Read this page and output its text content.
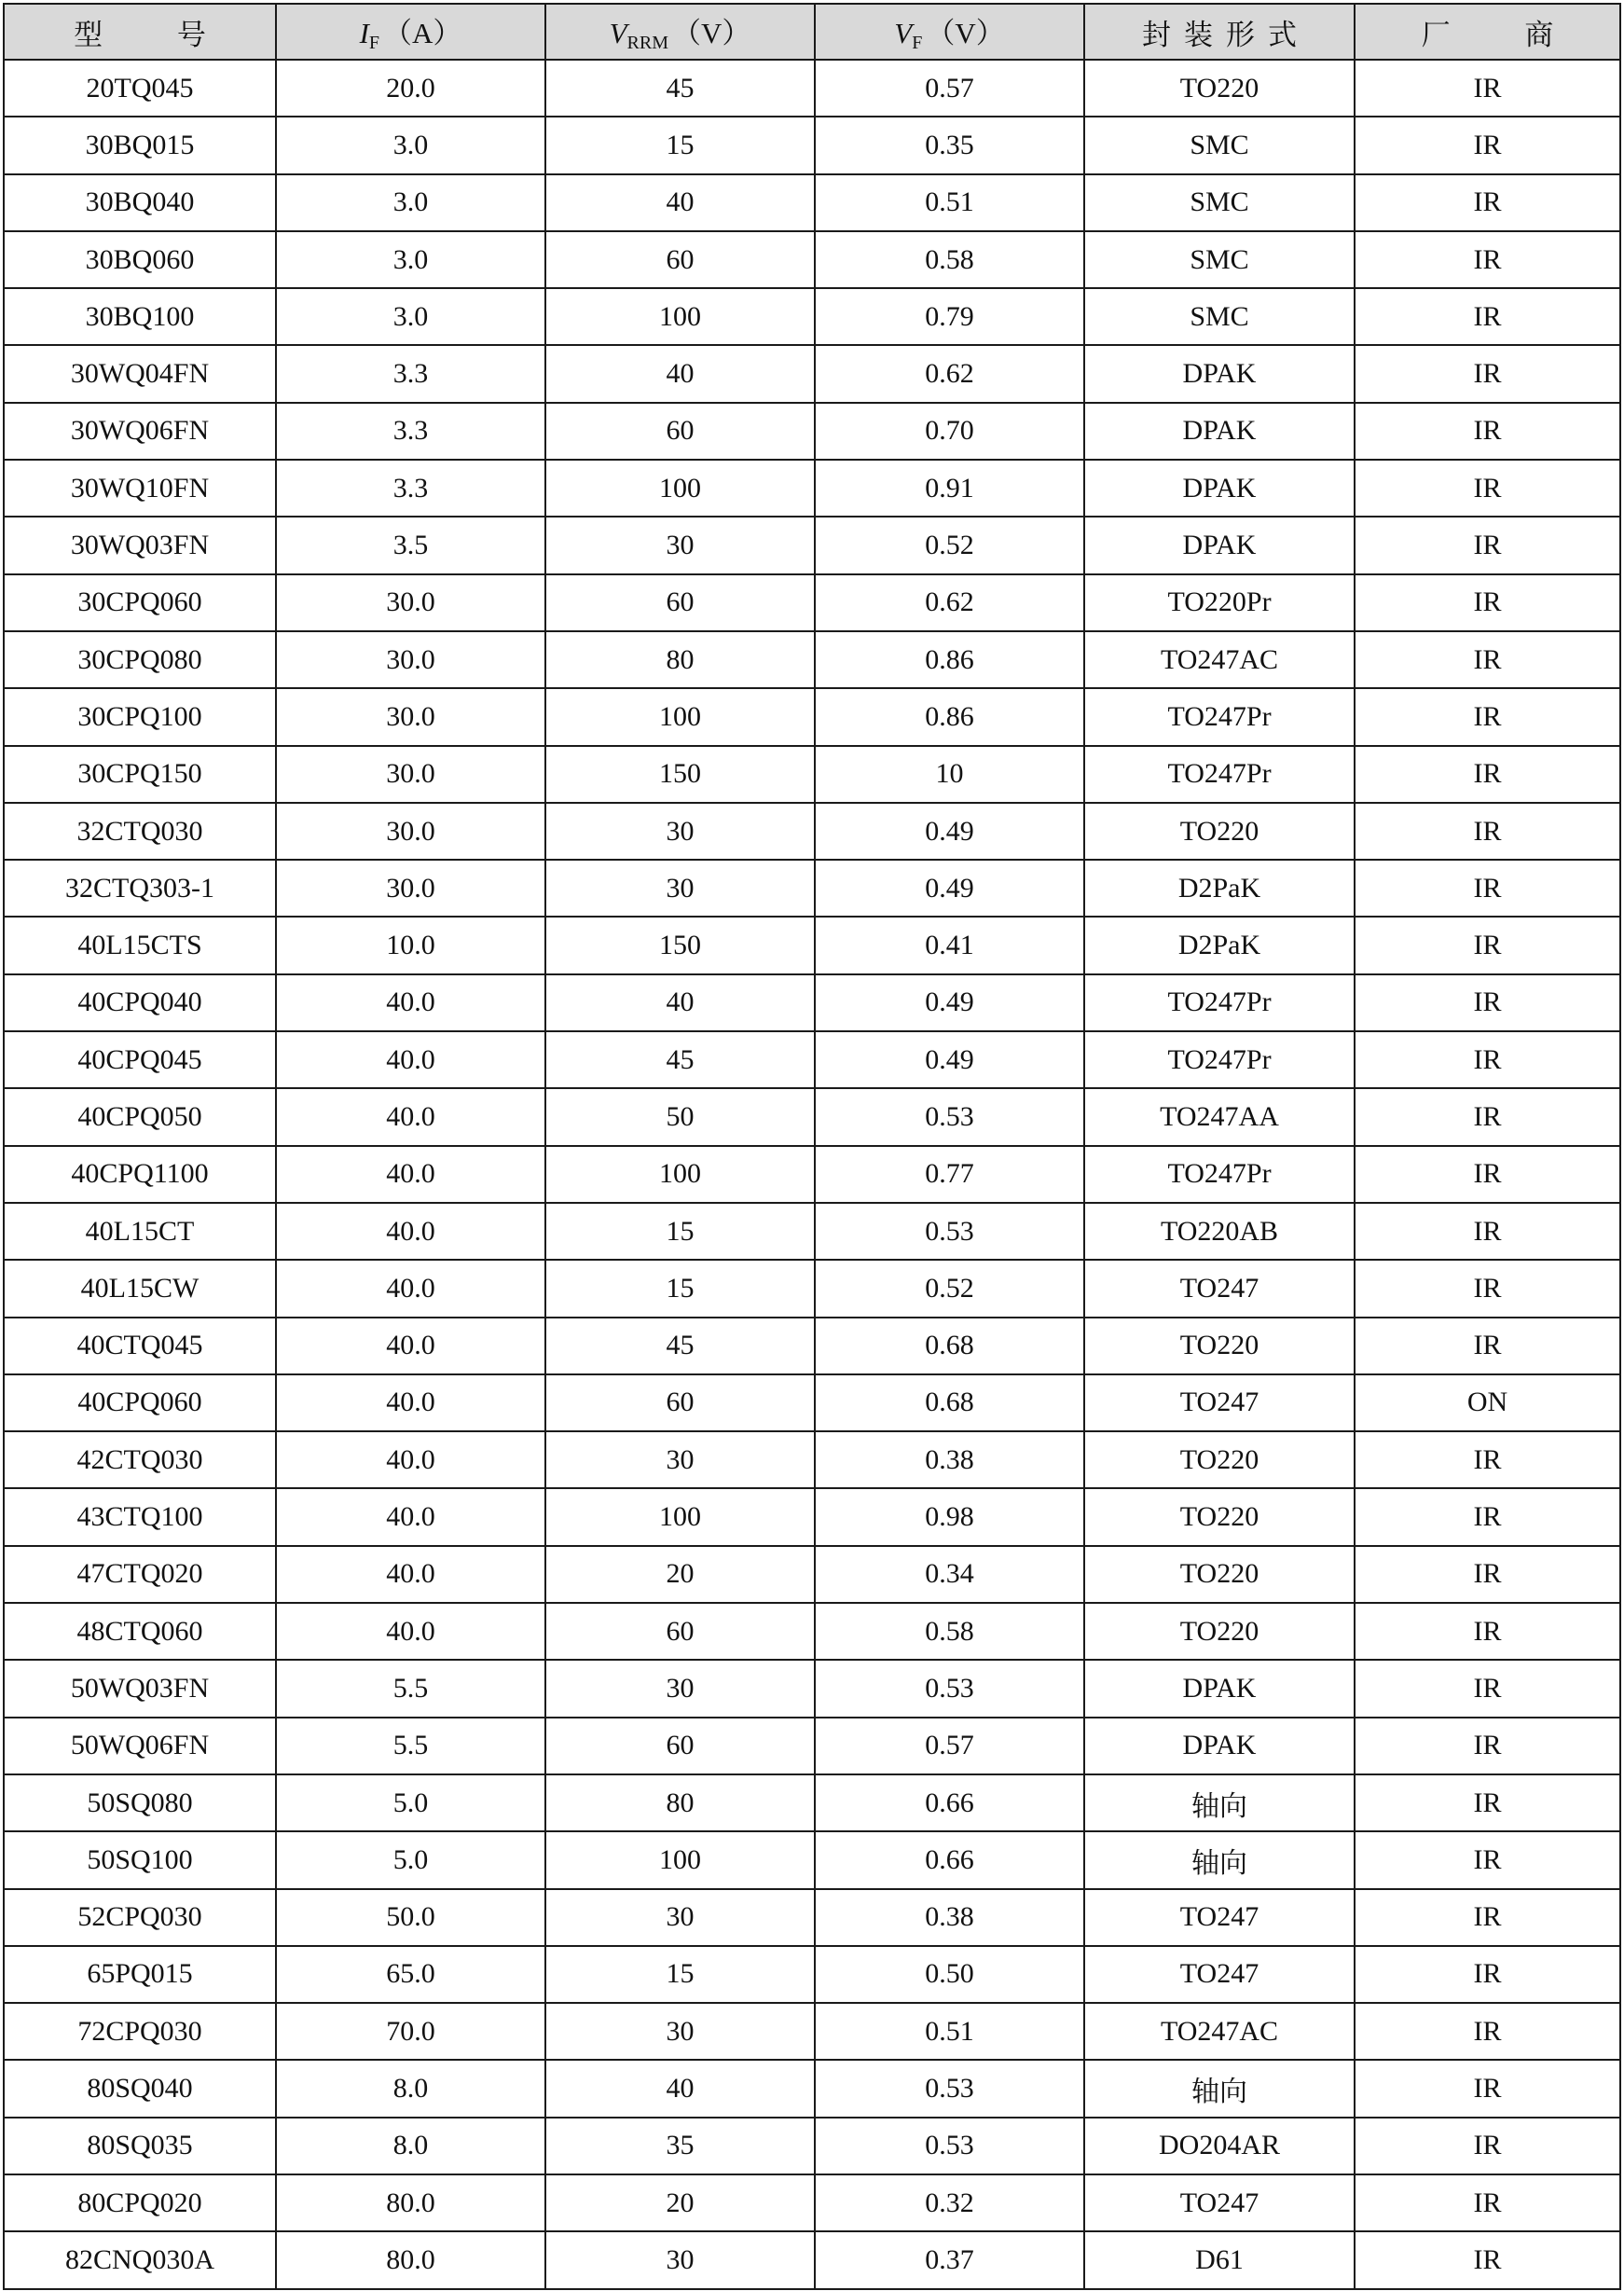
型 号	$I_F$ （A）	$V_{RRM}$ （V）	$V_F$ （V）	封装形式	厂 商
20TQ045	20.0	45	0.57	TO220	IR
30BQ015	3.0	15	0.35	SMC	IR
30BQ040	3.0	40	0.51	SMC	IR
30BQ060	3.0	60	0.58	SMC	IR
30BQ100	3.0	100	0.79	SMC	IR
30WQ04FN	3.3	40	0.62	DPAK	IR
30WQ06FN	3.3	60	0.70	DPAK	IR
30WQ10FN	3.3	100	0.91	DPAK	IR
30WQ03FN	3.5	30	0.52	DPAK	IR
30CPQ060	30.0	60	0.62	TO220Pr	IR
30CPQ080	30.0	80	0.86	TO247AC	IR
30CPQ100	30.0	100	0.86	TO247Pr	IR
30CPQ150	30.0	150	10	TO247Pr	IR
32CTQ030	30.0	30	0.49	TO220	IR
32CTQ303-1	30.0	30	0.49	D2PaK	IR
40L15CTS	10.0	150	0.41	D2PaK	IR
40CPQ040	40.0	40	0.49	TO247Pr	IR
40CPQ045	40.0	45	0.49	TO247Pr	IR
40CPQ050	40.0	50	0.53	TO247AA	IR
40CPQ1100	40.0	100	0.77	TO247Pr	IR
40L15CT	40.0	15	0.53	TO220AB	IR
40L15CW	40.0	15	0.52	TO247	IR
40CTQ045	40.0	45	0.68	TO220	IR
40CPQ060	40.0	60	0.68	TO247	ON
42CTQ030	40.0	30	0.38	TO220	IR
43CTQ100	40.0	100	0.98	TO220	IR
47CTQ020	40.0	20	0.34	TO220	IR
48CTQ060	40.0	60	0.58	TO220	IR
50WQ03FN	5.5	30	0.53	DPAK	IR
50WQ06FN	5.5	60	0.57	DPAK	IR
50SQ080	5.0	80	0.66	轴向	IR
50SQ100	5.0	100	0.66	轴向	IR
52CPQ030	50.0	30	0.38	TO247	IR
65PQ015	65.0	15	0.50	TO247	IR
72CPQ030	70.0	30	0.51	TO247AC	IR
80SQ040	8.0	40	0.53	轴向	IR
80SQ035	8.0	35	0.53	DO204AR	IR
80CPQ020	80.0	20	0.32	TO247	IR
82CNQ030A	80.0	30	0.37	D61	IR
